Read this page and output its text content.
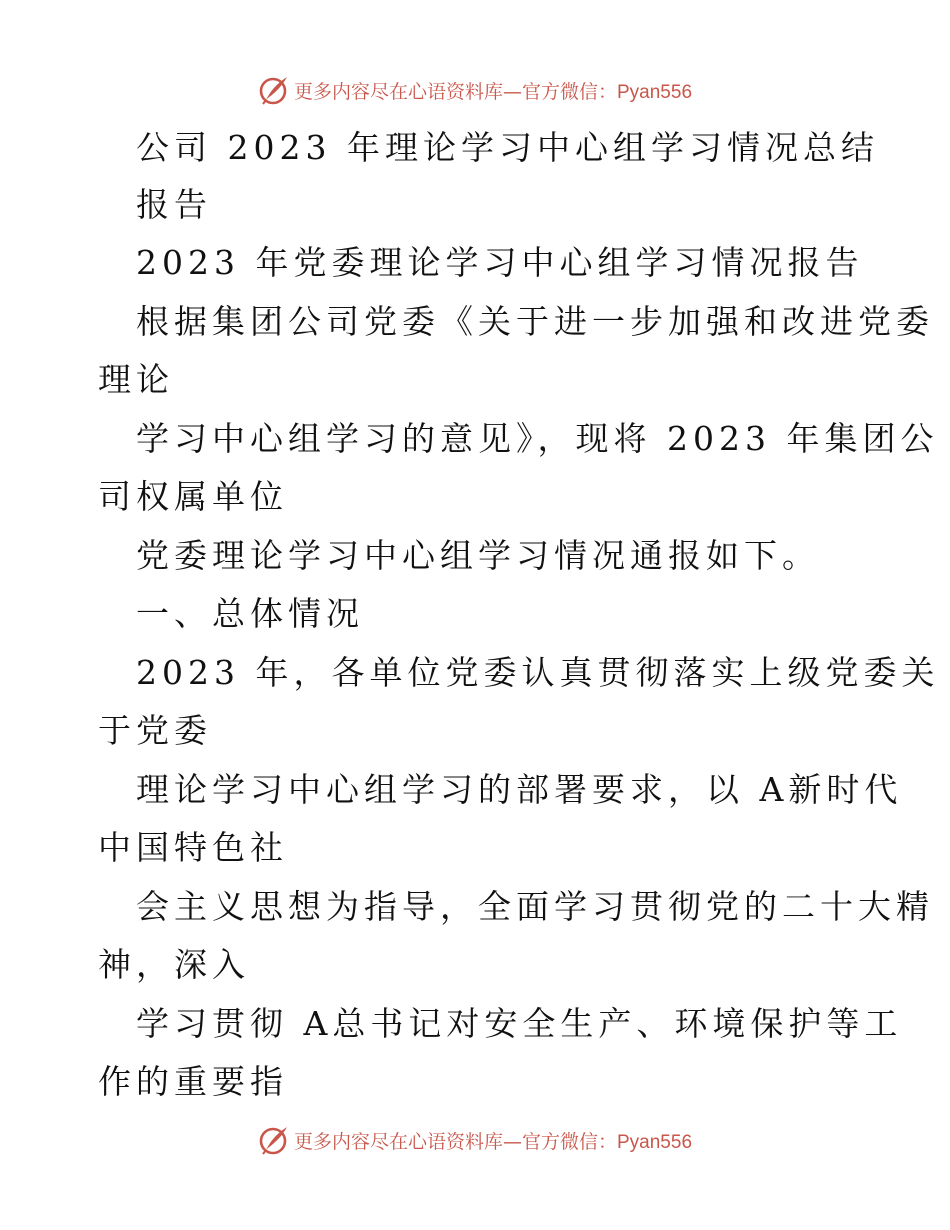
更多内容尽在心语资料库—官方微信：Pyan556
公司 2023 年理论学习中心组学习情况总结
报告
2023 年党委理论学习中心组学习情况报告
根据集团公司党委《关于进一步加强和改进党委
理论
学习中心组学习的意见》，现将 2023 年集团公
司权属单位
党委理论学习中心组学习情况通报如下。
一、总体情况
2023 年，各单位党委认真贯彻落实上级党委关
于党委
理论学习中心组学习的部署要求，以 A新时代
中国特色社
会主义思想为指导，全面学习贯彻党的二十大精
神，深入
学习贯彻 A总书记对安全生产、环境保护等工
作的重要指
更多内容尽在心语资料库—官方微信：Pyan556
